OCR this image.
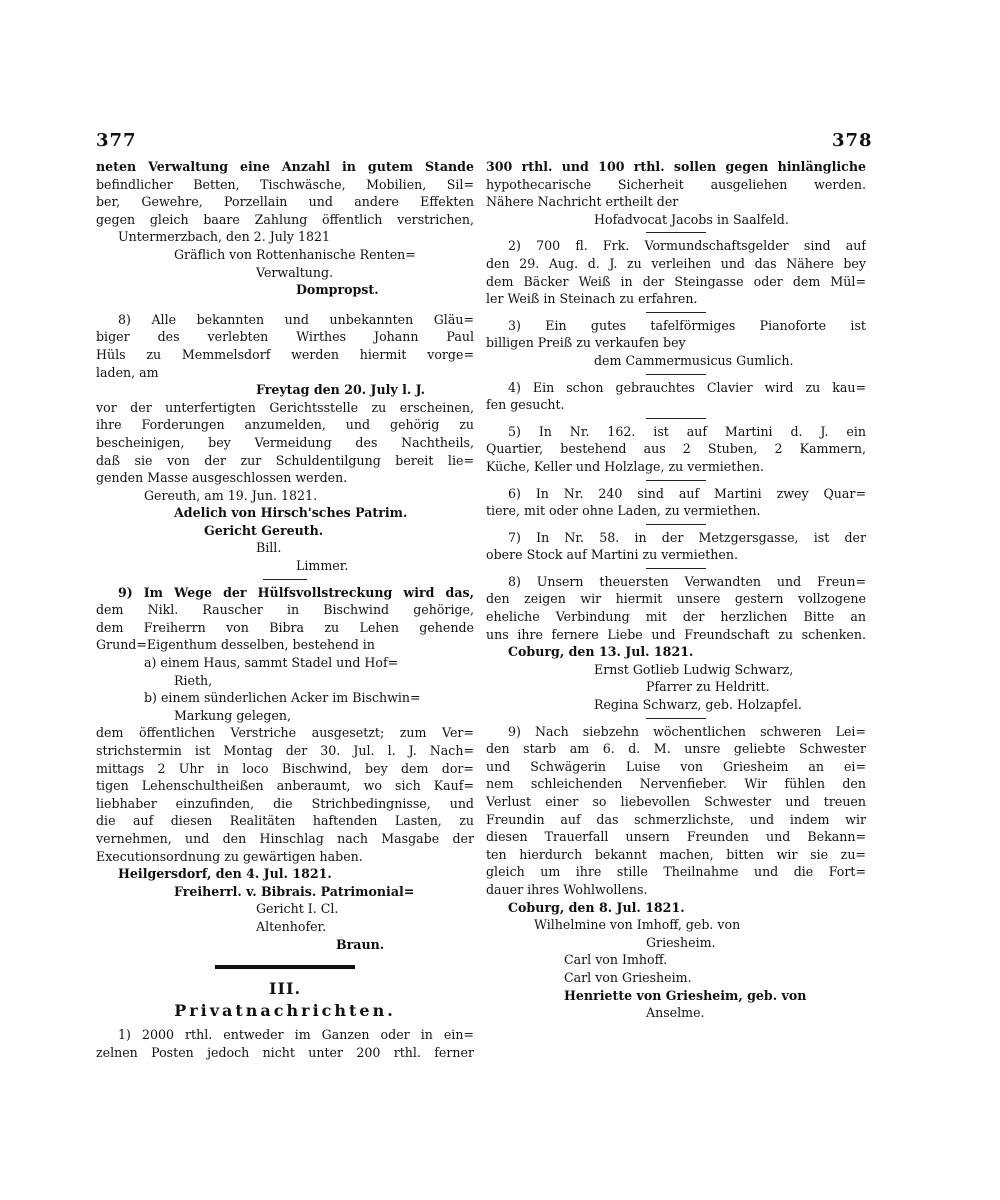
377	378
neten Verwaltung eine Anzahl in gutem Stande
befindlicher Betten, Tischwäsche, Mobilien, Sil=
ber, Gewehre, Porzellain und andere Effekten
gegen gleich baare Zahlung öffentlich verstrichen,
Untermerzbach, den 2. July 1821
Gräflich von Rottenhanische Renten=
Verwaltung.
Dompropst.
8) Alle bekannten und unbekannten Gläu=
biger des verlebten Wirthes Johann Paul
Hüls zu Memmelsdorf werden hiermit vorge=
laden, am
Freytag den 20. July l. J.
vor der unterfertigten Gerichtsstelle zu erscheinen,
ihre Forderungen anzumelden, und gehörig zu
bescheinigen, bey Vermeidung des Nachtheils,
daß sie von der zur Schuldentilgung bereit lie=
genden Masse ausgeschlossen werden.
Gereuth, am 19. Jun. 1821.
Adelich von Hirsch'sches Patrim.
Gericht Gereuth.
Bill.
Limmer.
9) Im Wege der Hülfsvollstreckung wird das,
dem Nikl. Rauscher in Bischwind gehörige,
dem Freiherrn von Bibra zu Lehen gehende
Grund=Eigenthum desselben, bestehend in
a) einem Haus, sammt Stadel und Hof=
Rieth,
b) einem sünderlichen Acker im Bischwin=
Markung gelegen,
dem öffentlichen Verstriche ausgesetzt; zum Ver=
strichstermin ist Montag der 30. Jul. l. J. Nach=
mittags 2 Uhr in loco Bischwind, bey dem dor=
tigen Lehenschultheißen anberaumt, wo sich Kauf=
liebhaber einzufinden, die Strichbedingnisse, und
die auf diesen Realitäten haftenden Lasten, zu
vernehmen, und den Hinschlag nach Masgabe der
Executionsordnung zu gewärtigen haben.
Heilgersdorf, den 4. Jul. 1821.
Freiherrl. v. Bibrais. Patrimonial=
Gericht I. Cl.
Altenhofer.
Braun.
III.
Privatnachrichten.
1) 2000 rthl. entweder im Ganzen oder in ein=
zelnen Posten jedoch nicht unter 200 rthl. ferner
300 rthl. und 100 rthl. sollen gegen hinlängliche
hypothecarische Sicherheit ausgeliehen werden.
Nähere Nachricht ertheilt der
Hofadvocat Jacobs in Saalfeld.
2) 700 fl. Frk. Vormundschaftsgelder sind auf
den 29. Aug. d. J. zu verleihen und das Nähere bey
dem Bäcker Weiß in der Steingasse oder dem Mül=
ler Weiß in Steinach zu erfahren.
3) Ein gutes tafelförmiges Pianoforte ist
billigen Preiß zu verkaufen bey
dem Cammermusicus Gumlich.
4) Ein schon gebrauchtes Clavier wird zu kau=
fen gesucht.
5) In Nr. 162. ist auf Martini d. J. ein
Quartier, bestehend aus 2 Stuben, 2 Kammern,
Küche, Keller und Holzlage, zu vermiethen.
6) In Nr. 240 sind auf Martini zwey Quar=
tiere, mit oder ohne Laden, zu vermiethen.
7) In Nr. 58. in der Metzgersgasse, ist der
obere Stock auf Martini zu vermiethen.
8) Unsern theuersten Verwandten und Freun=
den zeigen wir hiermit unsere gestern vollzogene
eheliche Verbindung mit der herzlichen Bitte an
uns ihre fernere Liebe und Freundschaft zu schenken.
Coburg, den 13. Jul. 1821.
Ernst Gotlieb Ludwig Schwarz,
Pfarrer zu Heldritt.
Regina Schwarz, geb. Holzapfel.
9) Nach siebzehn wöchentlichen schweren Lei=
den starb am 6. d. M. unsre geliebte Schwester
und Schwägerin Luise von Griesheim an ei=
nem schleichenden Nervenfieber. Wir fühlen den
Verlust einer so liebevollen Schwester und treuen
Freundin auf das schmerzlichste, und indem wir
diesen Trauerfall unsern Freunden und Bekann=
ten hierdurch bekannt machen, bitten wir sie zu=
gleich um ihre stille Theilnahme und die Fort=
dauer ihres Wohlwollens.
Coburg, den 8. Jul. 1821.
Wilhelmine von Imhoff, geb. von
Griesheim.
Carl von Imhoff.
Carl von Griesheim.
Henriette von Griesheim, geb. von
Anselme.
